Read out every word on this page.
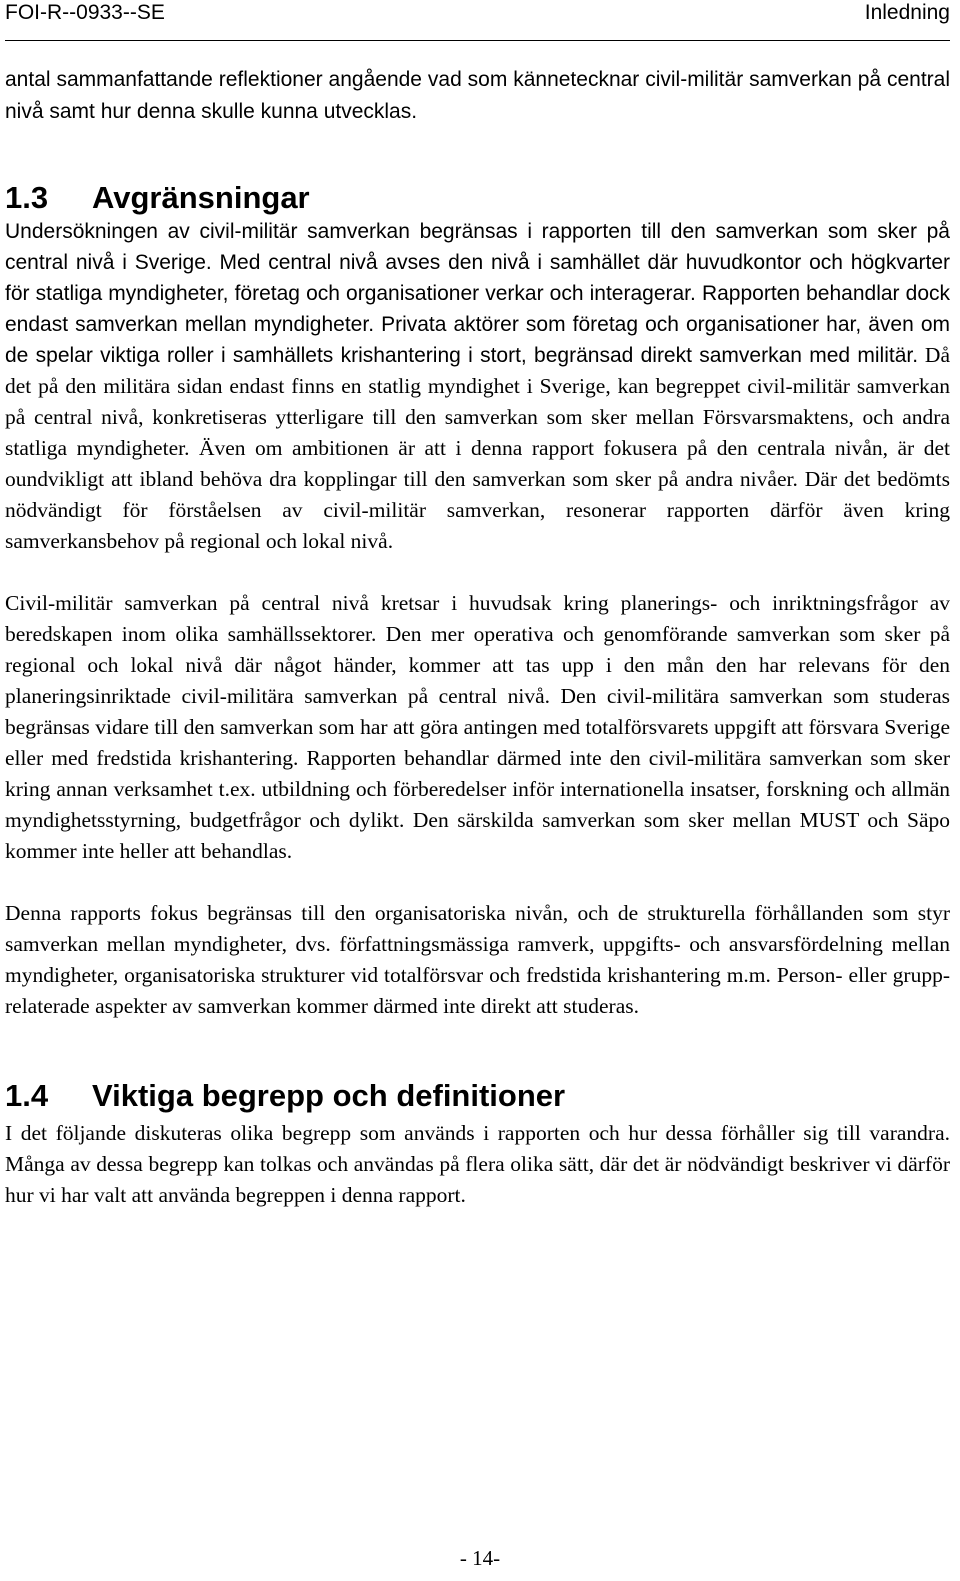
FOI-R--0933--SE	Inledning

antal sammanfattande reflektioner angående vad som kännetecknar civil-militär samverkan på central nivå samt hur denna skulle kunna utvecklas.

1.3 Avgränsningar

Undersökningen av civil-militär samverkan begränsas i rapporten till den samverkan som sker på central nivå i Sverige. Med central nivå avses den nivå i samhället där huvudkontor och högkvarter för statliga myndigheter, företag och organisationer verkar och interagerar. Rapporten behandlar dock endast samverkan mellan myndigheter. Privata aktörer som företag och organisationer har, även om de spelar viktiga roller i samhällets krishantering i stort, begränsad direkt samverkan med militär. Då det på den militära sidan endast finns en statlig myndighet i Sverige, kan begreppet civil-militär samverkan på central nivå, konkretiseras ytterligare till den samverkan som sker mellan Försvarsmaktens, och andra statliga myndigheter. Även om ambitionen är att i denna rapport fokusera på den centrala nivån, är det oundvikligt att ibland behöva dra kopplingar till den samverkan som sker på andra nivåer. Där det bedömts nödvändigt för förståelsen av civil-militär samverkan, resonerar rapporten därför även kring samverkansbehov på regional och lokal nivå.

Civil-militär samverkan på central nivå kretsar i huvudsak kring planerings- och inriktningsfrågor av beredskapen inom olika samhällssektorer. Den mer operativa och genomförande samverkan som sker på regional och lokal nivå där något händer, kommer att tas upp i den mån den har relevans för den planeringsinriktade civil-militära samverkan på central nivå. Den civil-militära samverkan som studeras begränsas vidare till den samverkan som har att göra antingen med totalförsvarets uppgift att försvara Sverige eller med fredstida krishantering. Rapporten behandlar därmed inte den civil-militära samverkan som sker kring annan verksamhet t.ex. utbildning och förberedelser inför internationella insatser, forskning och allmän myndighetsstyrning, budgetfrågor och dylikt. Den särskilda samverkan som sker mellan MUST och Säpo kommer inte heller att behandlas.

Denna rapports fokus begränsas till den organisatoriska nivån, och de strukturella förhållanden som styr samverkan mellan myndigheter, dvs. författningsmässiga ramverk, uppgifts- och ansvarsfördelning mellan myndigheter, organisatoriska strukturer vid totalförsvar och fredstida krishantering m.m. Person- eller grupp-relaterade aspekter av samverkan kommer därmed inte direkt att studeras.

1.4 Viktiga begrepp och definitioner

I det följande diskuteras olika begrepp som används i rapporten och hur dessa förhåller sig till varandra. Många av dessa begrepp kan tolkas och användas på flera olika sätt, där det är nödvändigt beskriver vi därför hur vi har valt att använda begreppen i denna rapport.

- 14-
